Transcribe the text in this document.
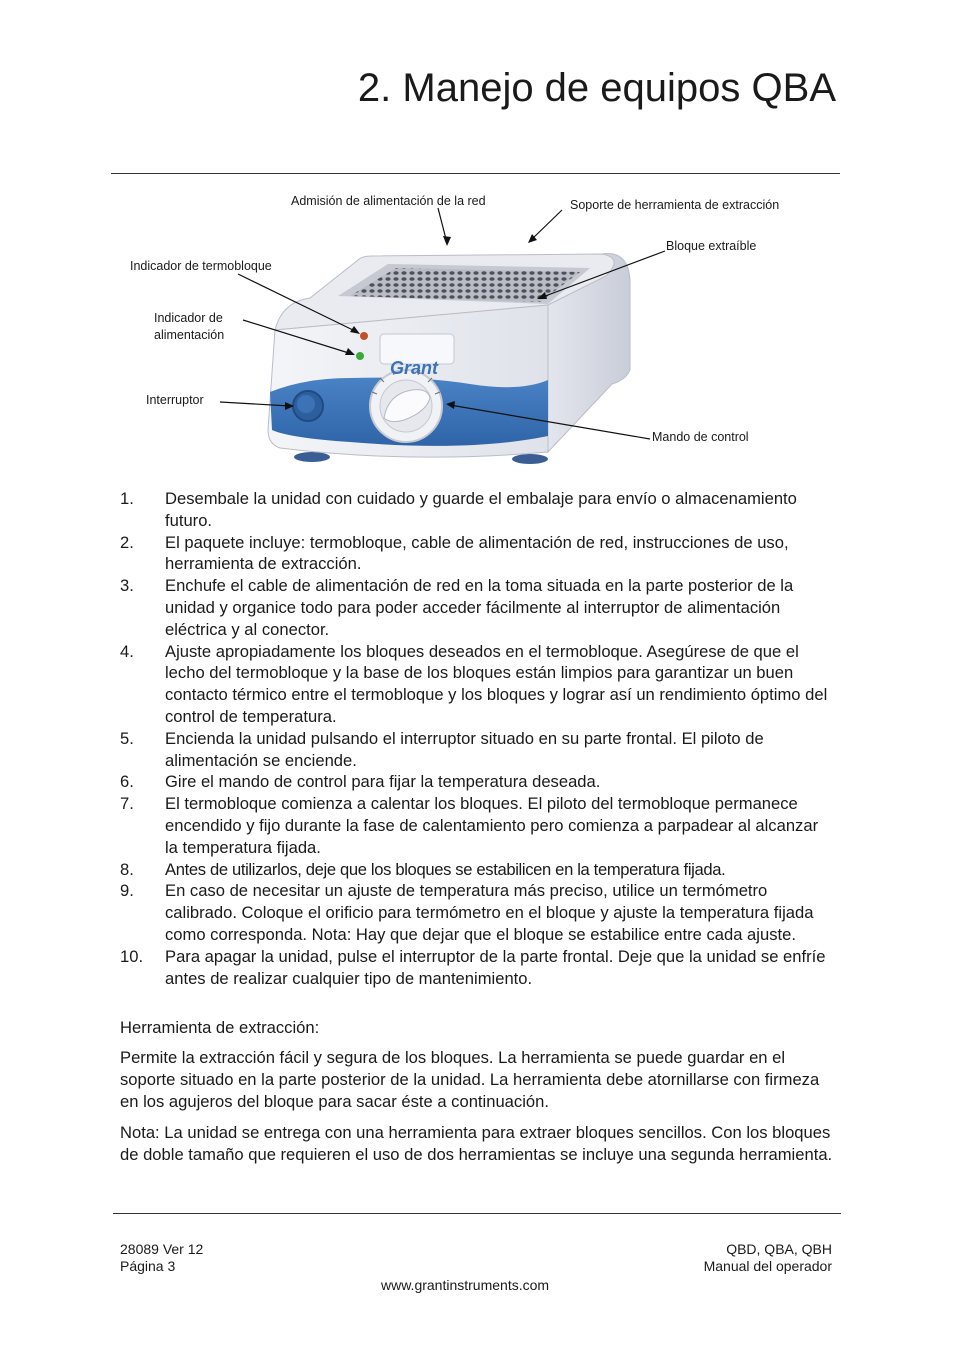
2. Manejo de equipos QBA
Grant
Admisión de alimentación de la red	Soporte de herramienta de extracción
Bloque extraíble
Indicador de termobloque
Indicador de
alimentación
Interruptor
Mando de control
1. Desembale la unidad con cuidado y guarde el embalaje para envío o almacenamiento futuro.
2. El paquete incluye: termobloque, cable de alimentación de red, instrucciones de uso, herramienta de extracción.
3. Enchufe el cable de alimentación de red en la toma situada en la parte posterior de la unidad y organice todo para poder acceder fácilmente al interruptor de alimentación eléctrica y al conector.
4. Ajuste apropiadamente los bloques deseados en el termobloque. Asegúrese de que el lecho del termobloque y la base de los bloques están limpios para garantizar un buen contacto térmico entre el termobloque y los bloques y lograr así un rendimiento óptimo del control de temperatura.
5. Encienda la unidad pulsando el interruptor situado en su parte frontal. El piloto de alimentación se enciende.
6. Gire el mando de control para fijar la temperatura deseada.
7. El termobloque comienza a calentar los bloques. El piloto del termobloque permanece encendido y fijo durante la fase de calentamiento pero comienza a parpadear al alcanzar la temperatura fijada.
8. Antes de utilizarlos, deje que los bloques se estabilicen en la temperatura fijada.
9. En caso de necesitar un ajuste de temperatura más preciso, utilice un termómetro calibrado. Coloque el orificio para termómetro en el bloque y ajuste la temperatura fijada como corresponda. Nota: Hay que dejar que el bloque se estabilice entre cada ajuste.
10. Para apagar la unidad, pulse el interruptor de la parte frontal. Deje que la unidad se enfríe antes de realizar cualquier tipo de mantenimiento.

Herramienta de extracción:

Permite la extracción fácil y segura de los bloques. La herramienta se puede guardar en el soporte situado en la parte posterior de la unidad. La herramienta debe atornillarse con firmeza en los agujeros del bloque para sacar éste a continuación.

Nota: La unidad se entrega con una herramienta para extraer bloques sencillos. Con los bloques de doble tamaño que requieren el uso de dos herramientas se incluye una segunda herramienta.

28089 Ver 12
Página 3
QBD, QBA, QBH
Manual del operador
www.grantinstruments.com
